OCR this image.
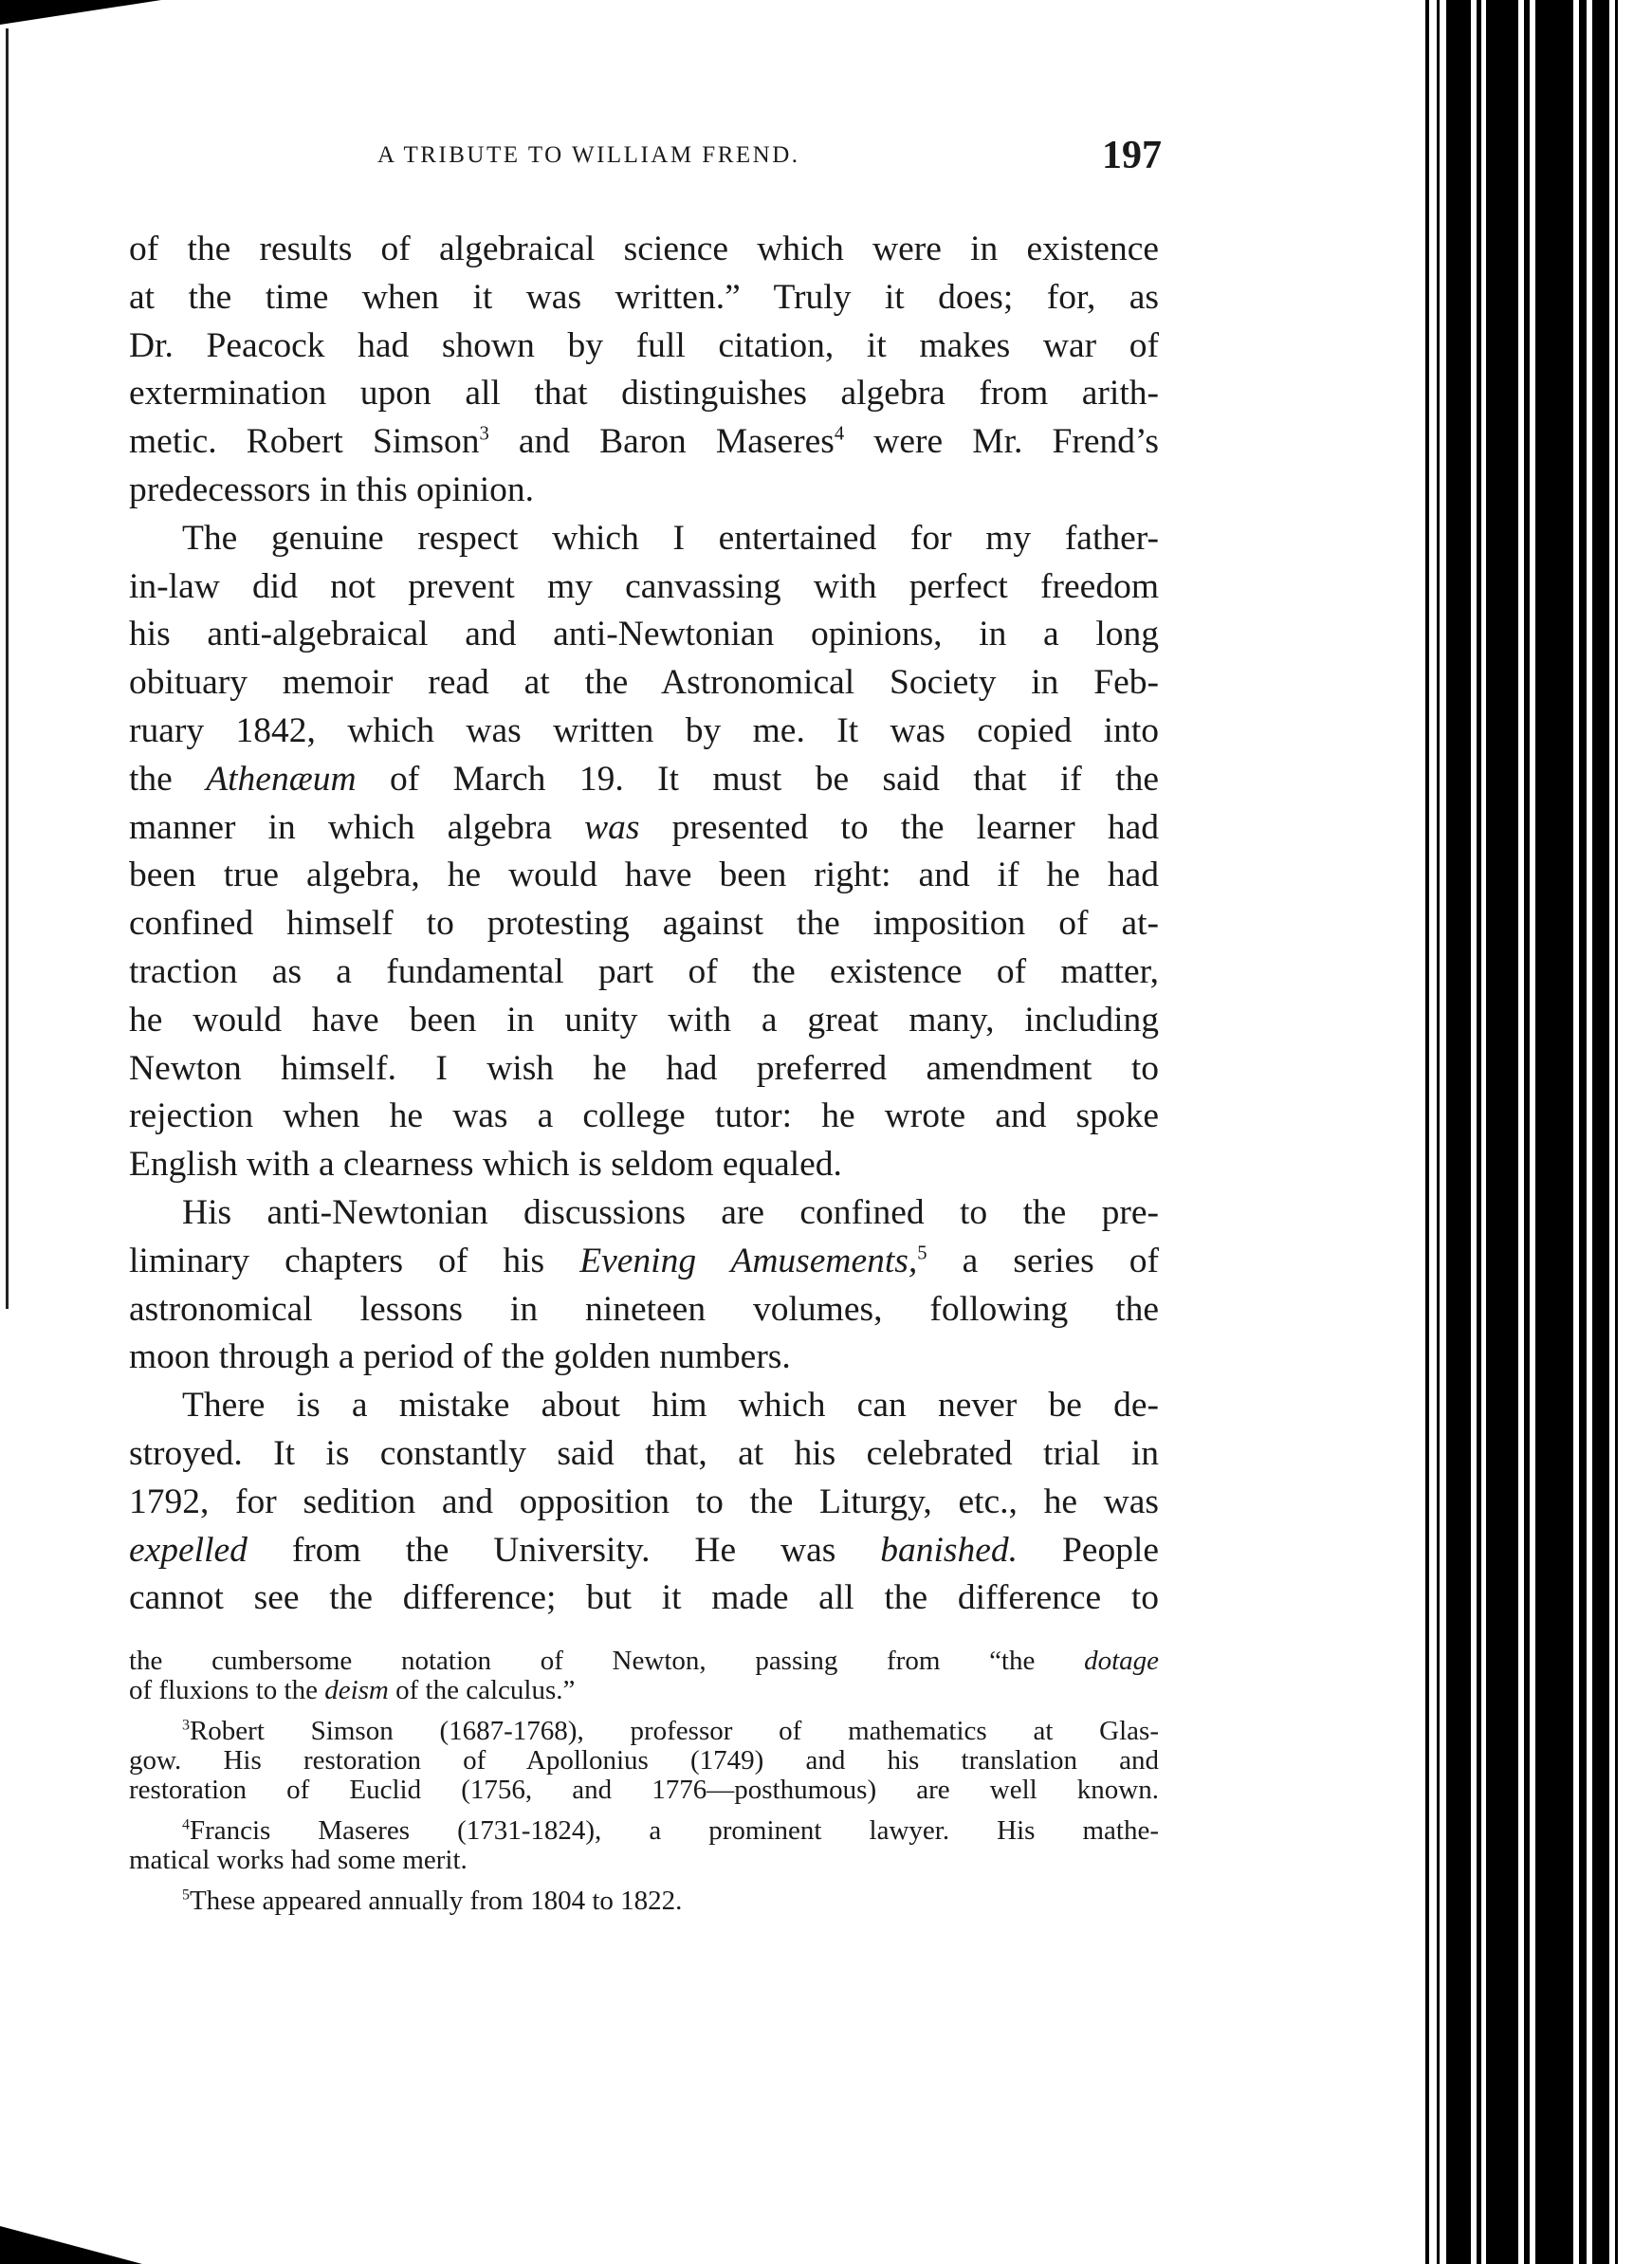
A TRIBUTE TO WILLIAM FREND.	197
of the results of algebraical science which were in existence
at the time when it was written.” Truly it does; for, as
Dr. Peacock had shown by full citation, it makes war of
extermination upon all that distinguishes algebra from arith-
metic. Robert Simson$^3$ and Baron Maseres$^4$ were Mr. Frend’s
predecessors in this opinion.
The genuine respect which I entertained for my father-
in-law did not prevent my canvassing with perfect freedom
his anti-algebraical and anti-Newtonian opinions, in a long
obituary memoir read at the Astronomical Society in Feb-
ruary 1842, which was written by me. It was copied into
the Athenæum of March 19. It must be said that if the
manner in which algebra was presented to the learner had
been true algebra, he would have been right: and if he had
confined himself to protesting against the imposition of at-
traction as a fundamental part of the existence of matter,
he would have been in unity with a great many, including
Newton himself. I wish he had preferred amendment to
rejection when he was a college tutor: he wrote and spoke
English with a clearness which is seldom equaled.
His anti-Newtonian discussions are confined to the pre-
liminary chapters of his Evening Amusements,$^5$ a series of
astronomical lessons in nineteen volumes, following the
moon through a period of the golden numbers.
There is a mistake about him which can never be de-
stroyed. It is constantly said that, at his celebrated trial in
1792, for sedition and opposition to the Liturgy, etc., he was
expelled from the University. He was banished. People
cannot see the difference; but it made all the difference to
the cumbersome notation of Newton, passing from “the dotage
of fluxions to the deism of the calculus.”
$^3$Robert Simson (1687-1768), professor of mathematics at Glas-
gow. His restoration of Apollonius (1749) and his translation and
restoration of Euclid (1756, and 1776—posthumous) are well known.
$^4$Francis Maseres (1731-1824), a prominent lawyer. His mathe-
matical works had some merit.
$^5$These appeared annually from 1804 to 1822.
